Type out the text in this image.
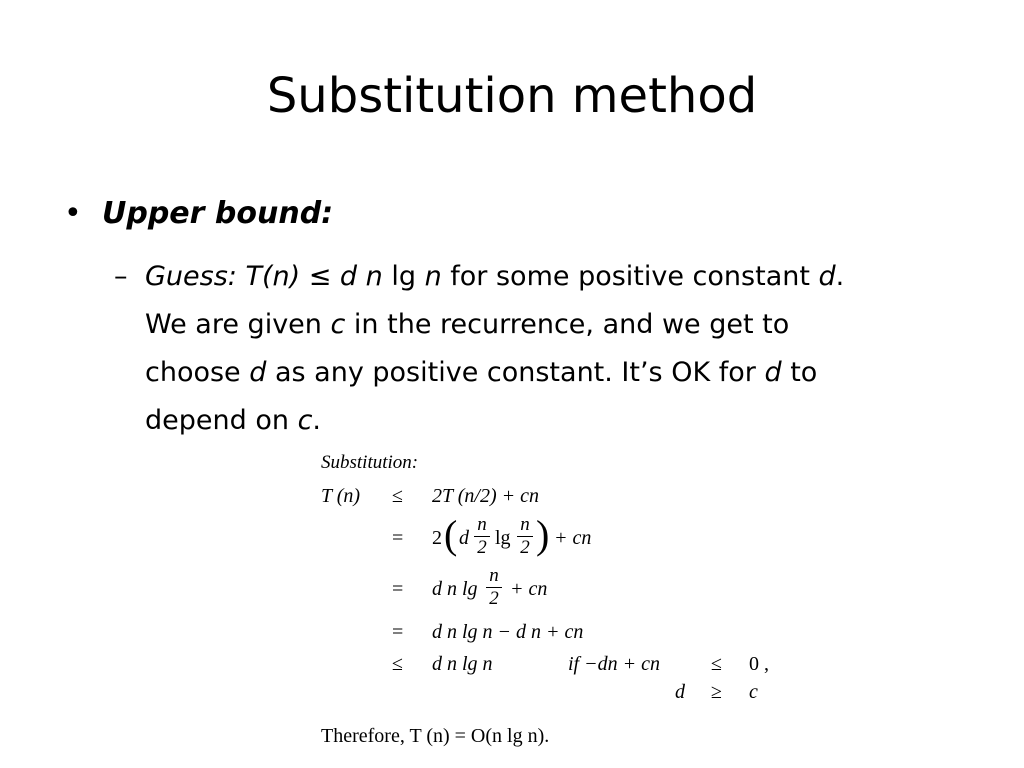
Substitution method
• Upper bound:
– Guess: T(n) ≤ d n lg n for some positive constant d.
We are given c in the recurrence, and we get to
choose d as any positive constant. It’s OK for d to
depend on c.
Substitution:
T (n) ≤ 2T (n/2) + cn
= 2 ( d
n
2 lg
n
2 ) + cn
= d n lg
n
2 + cn
= d n lg n − d n + cn
≤ d n lg n	if −dn + cn	≤ 0 ,
d ≥ c
Therefore, T (n) = O(n lg n).
